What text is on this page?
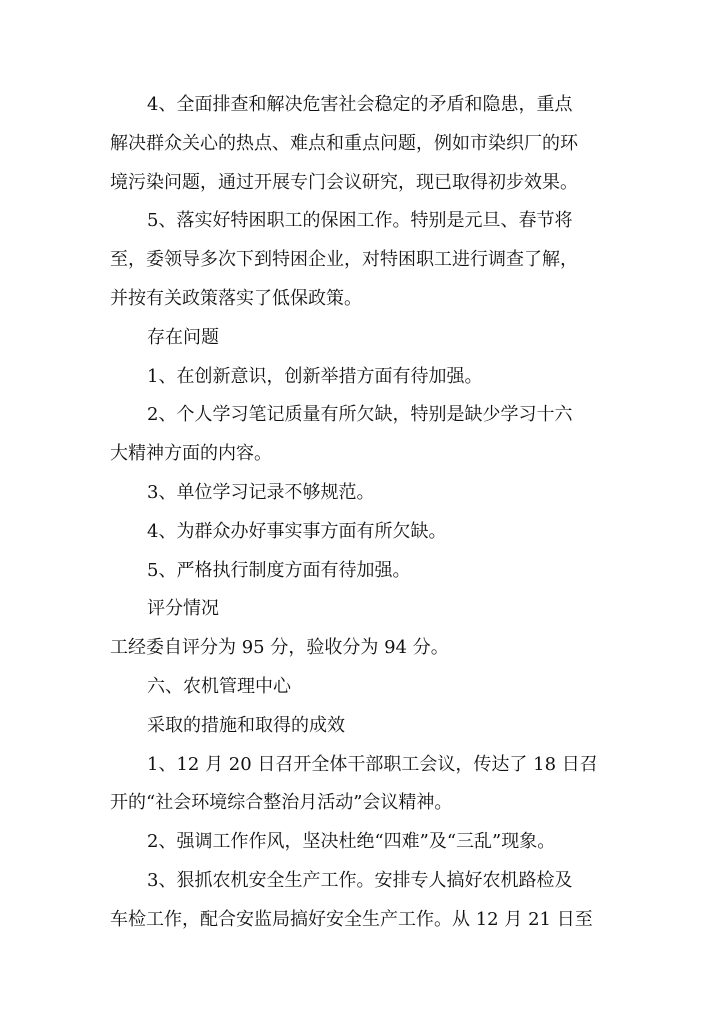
4、全面排查和解决危害社会稳定的矛盾和隐患，重点
解决群众关心的热点、难点和重点问题，例如市染织厂的环
境污染问题，通过开展专门会议研究，现已取得初步效果。
5、落实好特困职工的保困工作。特别是元旦、春节将
至，委领导多次下到特困企业，对特困职工进行调查了解，
并按有关政策落实了低保政策。
存在问题
1、在创新意识，创新举措方面有待加强。
2、个人学习笔记质量有所欠缺，特别是缺少学习十六
大精神方面的内容。
3、单位学习记录不够规范。
4、为群众办好事实事方面有所欠缺。
5、严格执行制度方面有待加强。
评分情况
工经委自评分为 95 分，验收分为 94 分。
六、农机管理中心
采取的措施和取得的成效
1、12 月 20 日召开全体干部职工会议，传达了 18 日召
开的“社会环境综合整治月活动”会议精神。
2、强调工作作风，坚决杜绝“四难”及“三乱”现象。
3、狠抓农机安全生产工作。安排专人搞好农机路检及
车检工作，配合安监局搞好安全生产工作。从 12 月 21 日至
